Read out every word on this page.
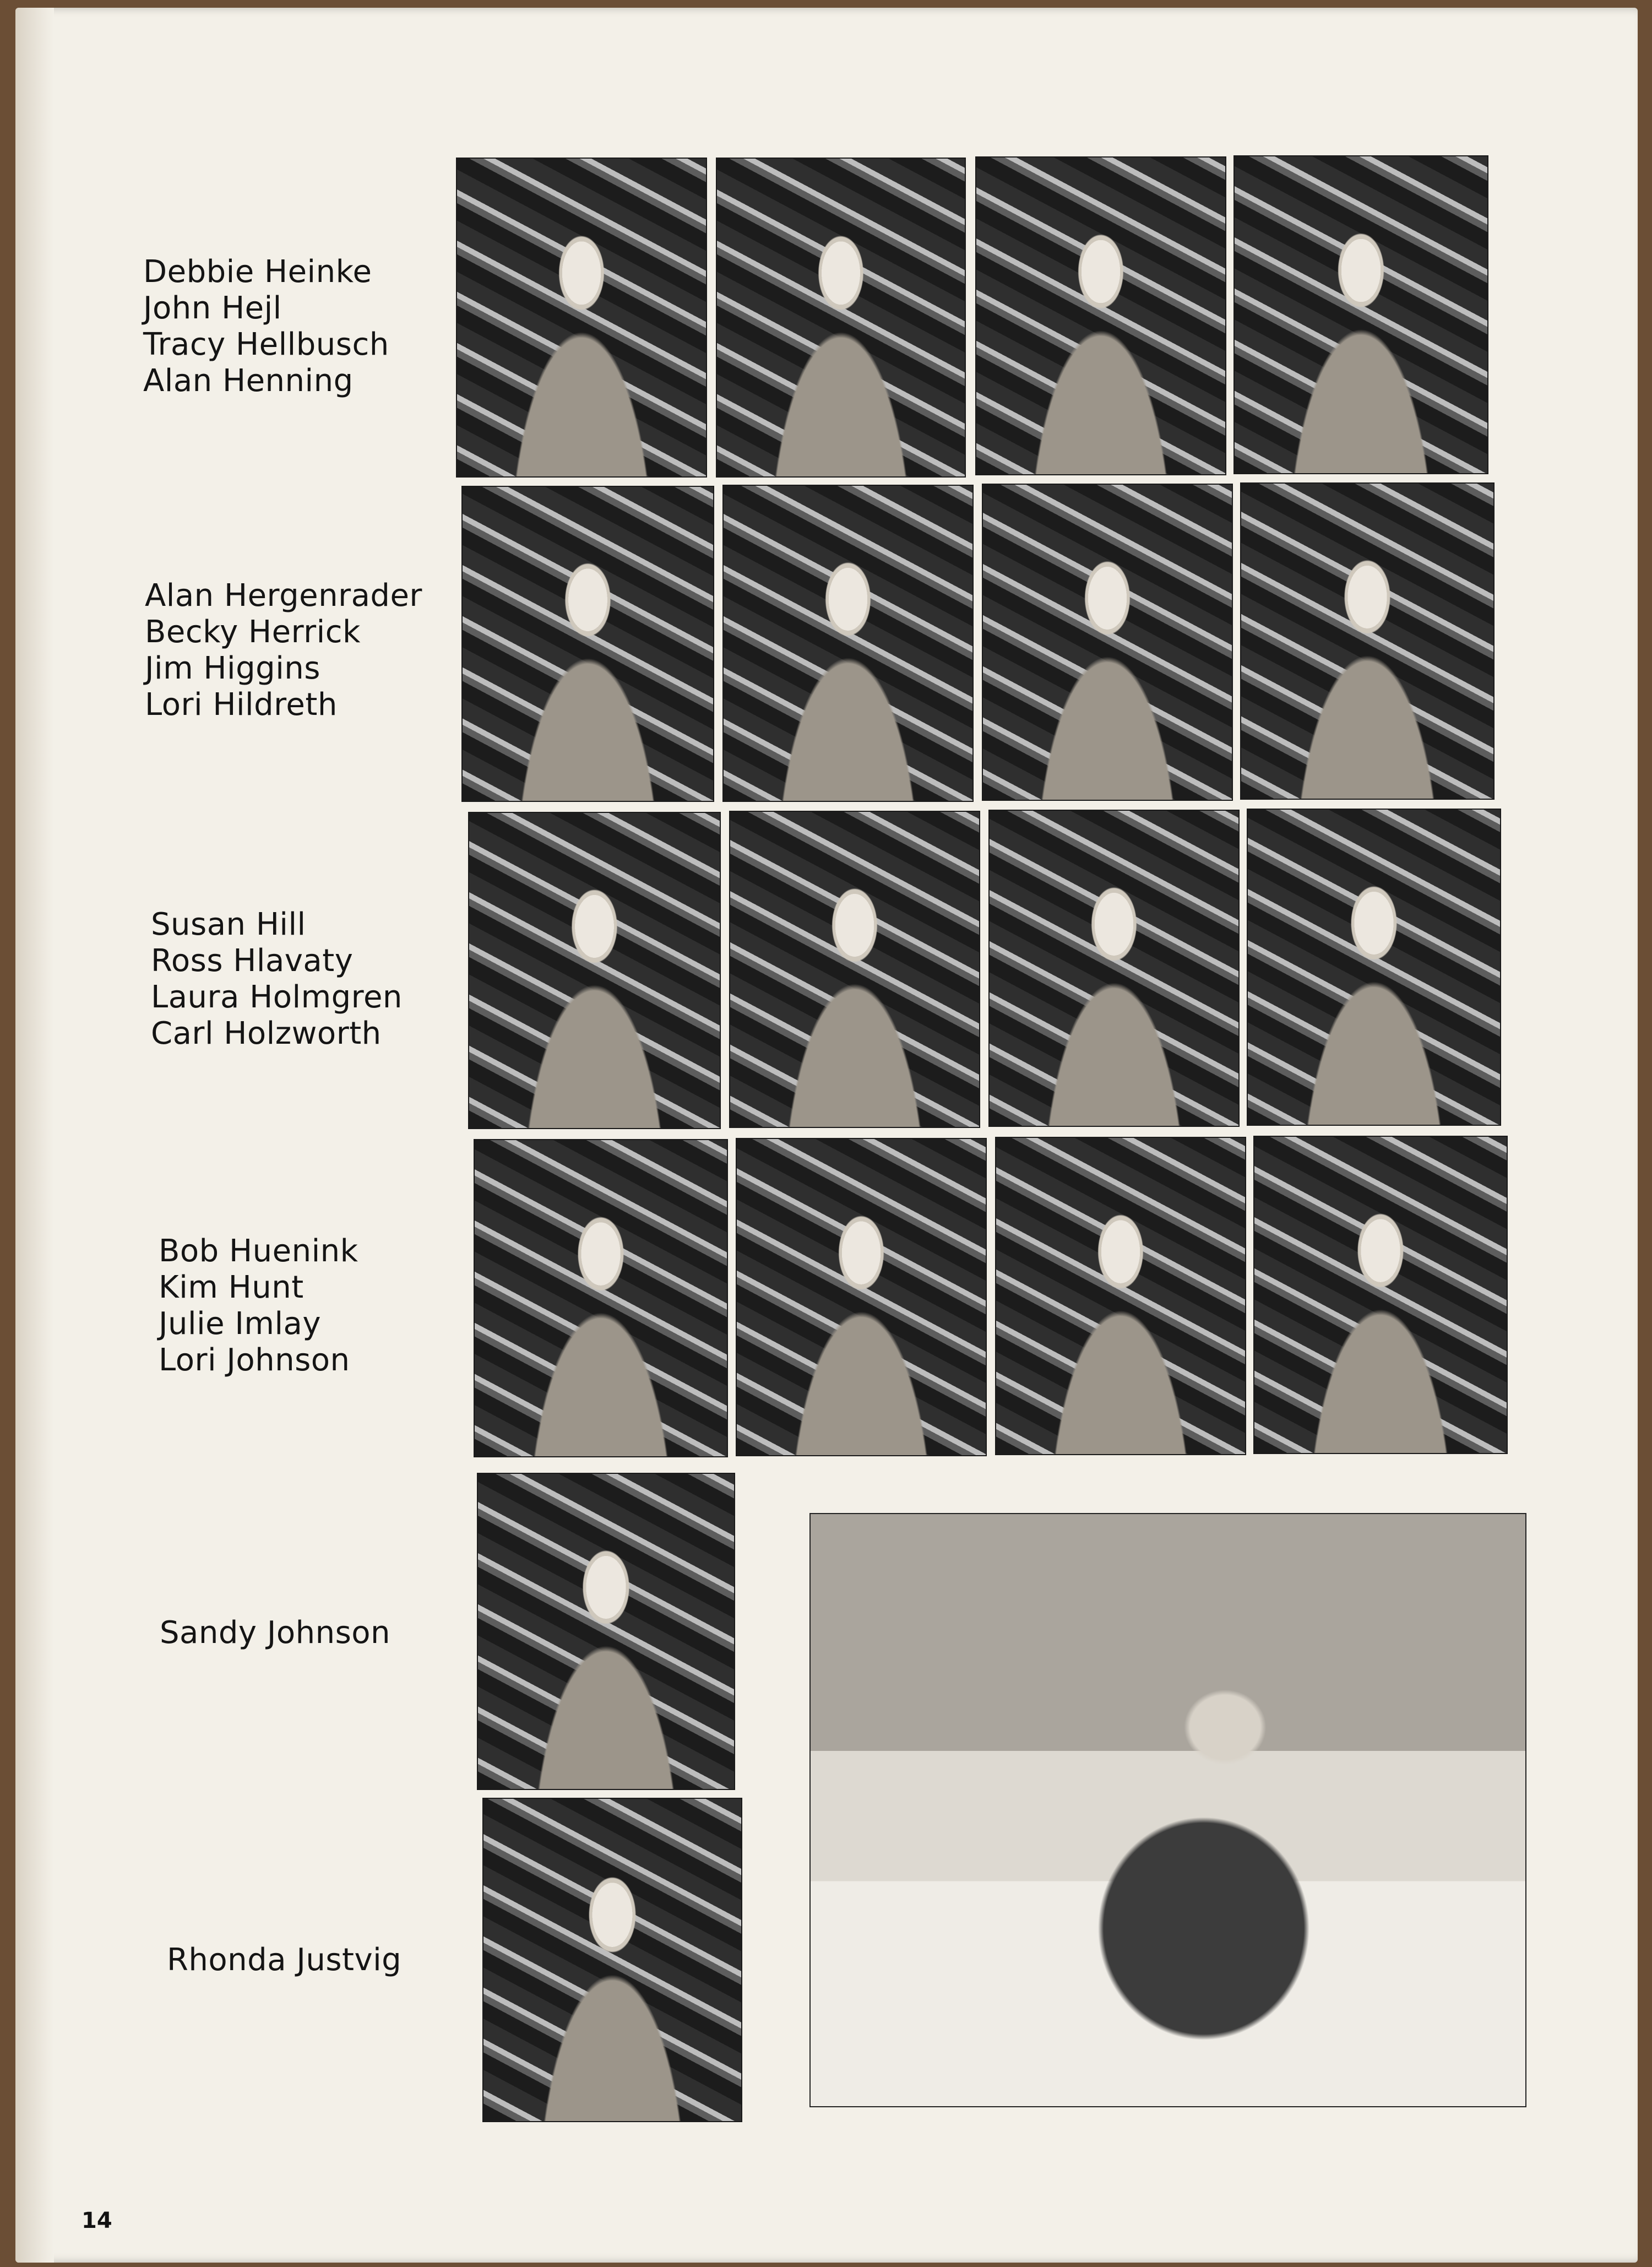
Debbie Heinke
John Hejl
Tracy Hellbusch
Alan Henning
Alan Hergenrader
Becky Herrick
Jim Higgins
Lori Hildreth
Susan Hill
Ross Hlavaty
Laura Holmgren
Carl Holzworth
Bob Huenink
Kim Hunt
Julie Imlay
Lori Johnson
Sandy Johnson
Rhonda Justvig
14
